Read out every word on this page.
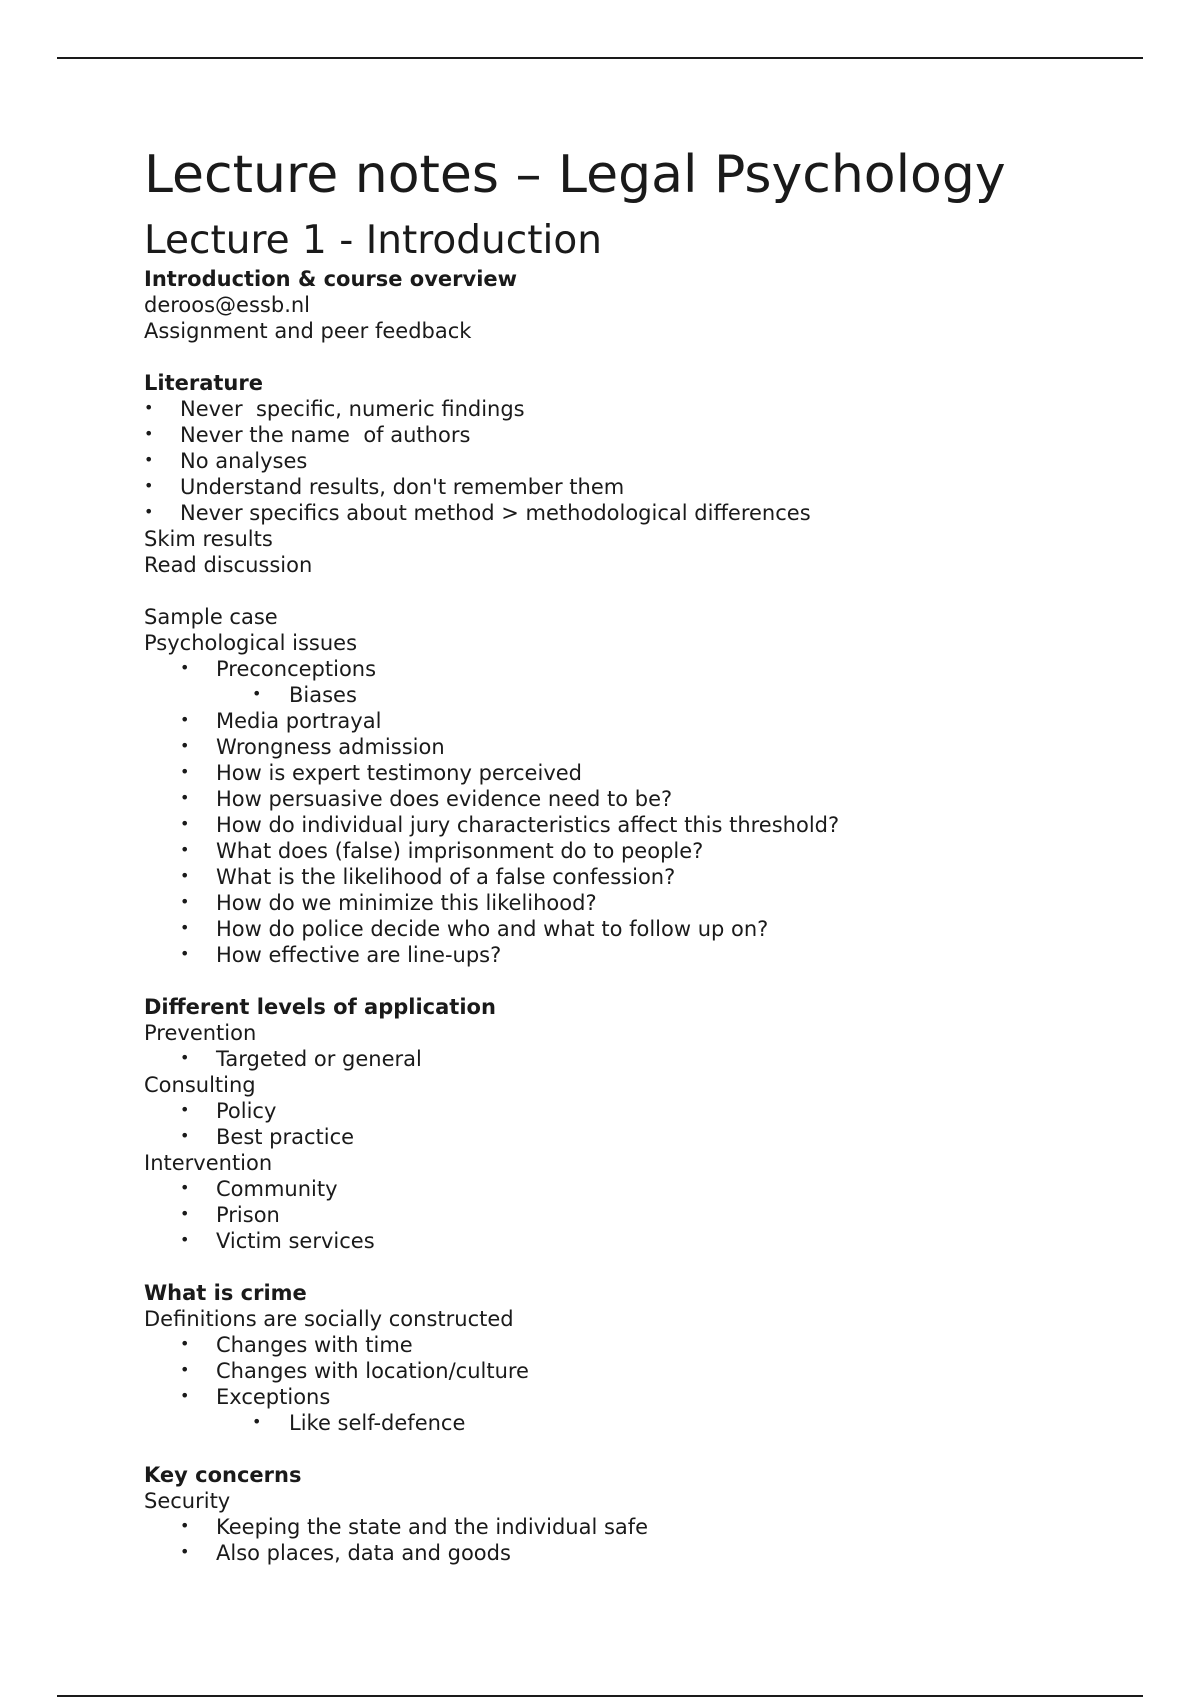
Lecture notes – Legal Psychology
Lecture 1 - Introduction
Introduction & course overview
deroos@essb.nl
Assignment and peer feedback
Literature
• Never  specific, numeric findings
• Never the name  of authors
• No analyses
• Understand results, don't remember them
• Never specifics about method > methodological differences
Skim results
Read discussion
Sample case
Psychological issues
• Preconceptions
• Biases
• Media portrayal
• Wrongness admission
• How is expert testimony perceived
• How persuasive does evidence need to be?
• How do individual jury characteristics affect this threshold?
• What does (false) imprisonment do to people?
• What is the likelihood of a false confession?
• How do we minimize this likelihood?
• How do police decide who and what to follow up on?
• How effective are line-ups?
Different levels of application
Prevention
• Targeted or general
Consulting
• Policy
• Best practice
Intervention
• Community
• Prison
• Victim services
What is crime
Definitions are socially constructed
• Changes with time
• Changes with location/culture
• Exceptions
• Like self-defence
Key concerns
Security
• Keeping the state and the individual safe
• Also places, data and goods
